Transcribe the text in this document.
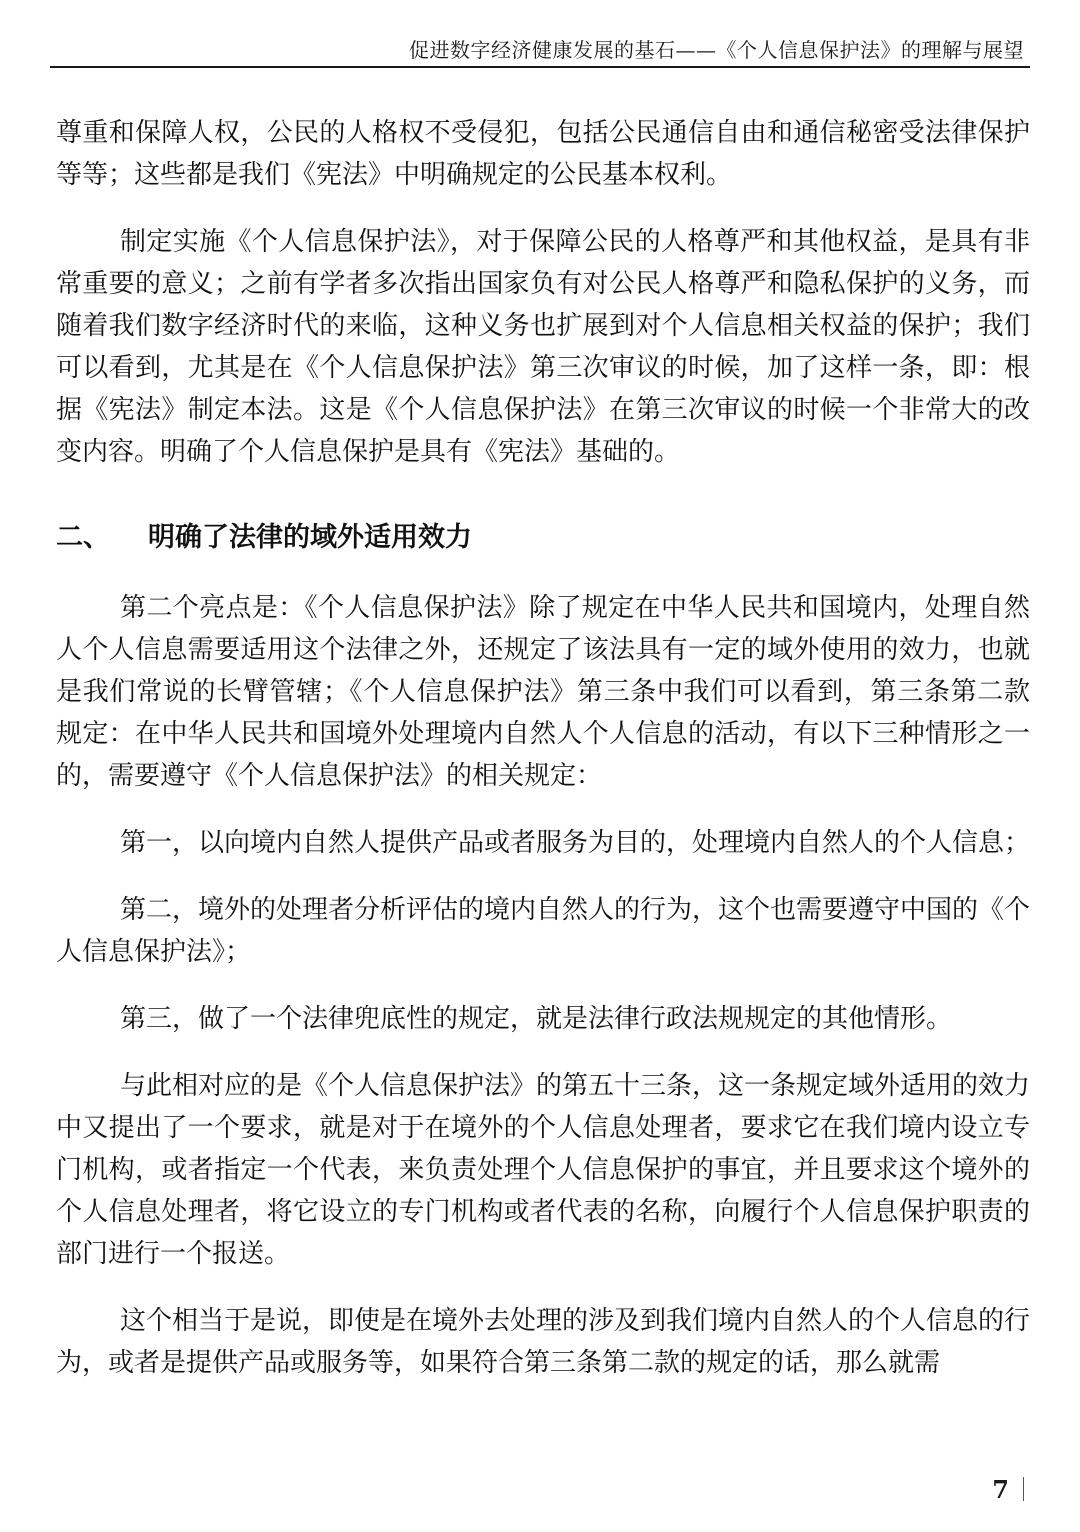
促进数字经济健康发展的基石——《个人信息保护法》的理解与展望

尊重和保障人权，公民的人格权不受侵犯，包括公民通信自由和通信秘密受法律保护等等；这些都是我们《宪法》中明确规定的公民基本权利。

制定实施《个人信息保护法》，对于保障公民的人格尊严和其他权益，是具有非常重要的意义；之前有学者多次指出国家负有对公民人格尊严和隐私保护的义务，而随着我们数字经济时代的来临，这种义务也扩展到对个人信息相关权益的保护；我们可以看到，尤其是在《个人信息保护法》第三次审议的时候，加了这样一条，即：根据《宪法》制定本法。这是《个人信息保护法》在第三次审议的时候一个非常大的改变内容。明确了个人信息保护是具有《宪法》基础的。

二、 明确了法律的域外适用效力

第二个亮点是：《个人信息保护法》除了规定在中华人民共和国境内，处理自然人个人信息需要适用这个法律之外，还规定了该法具有一定的域外使用的效力，也就是我们常说的长臂管辖；《个人信息保护法》第三条中我们可以看到，第三条第二款规定：在中华人民共和国境外处理境内自然人个人信息的活动，有以下三种情形之一的，需要遵守《个人信息保护法》的相关规定：

第一，以向境内自然人提供产品或者服务为目的，处理境内自然人的个人信息；

第二，境外的处理者分析评估的境内自然人的行为，这个也需要遵守中国的《个人信息保护法》；

第三，做了一个法律兜底性的规定，就是法律行政法规规定的其他情形。

与此相对应的是《个人信息保护法》的第五十三条，这一条规定域外适用的效力中又提出了一个要求，就是对于在境外的个人信息处理者，要求它在我们境内设立专门机构，或者指定一个代表，来负责处理个人信息保护的事宜，并且要求这个境外的个人信息处理者，将它设立的专门机构或者代表的名称，向履行个人信息保护职责的部门进行一个报送。

这个相当于是说，即使是在境外去处理的涉及到我们境内自然人的个人信息的行为，或者是提供产品或服务等，如果符合第三条第二款的规定的话，那么就需

7
